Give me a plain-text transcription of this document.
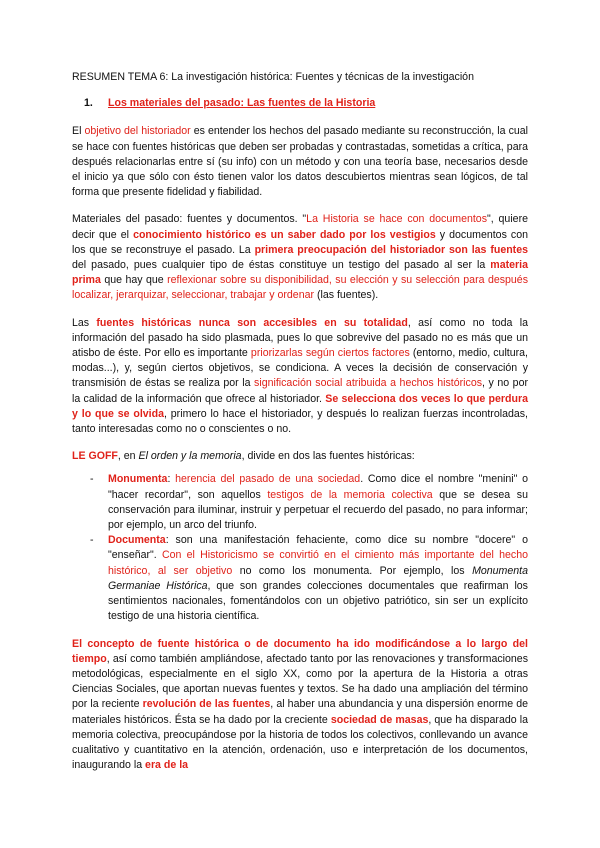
RESUMEN TEMA 6: La investigación histórica: Fuentes y técnicas de la investigación
1. Los materiales del pasado: Las fuentes de la Historia

El objetivo del historiador es entender los hechos del pasado mediante su reconstrucción, la cual se hace con fuentes históricas que deben ser probadas y contrastadas, sometidas a crítica, para después relacionarlas entre sí (su info) con un método y con una teoría base, necesarios desde el inicio ya que sólo con ésto tienen valor los datos descubiertos mientras sean lógicos, de tal forma que presente fidelidad y fiabilidad.

Materiales del pasado: fuentes y documentos. "La Historia se hace con documentos", quiere decir que el conocimiento histórico es un saber dado por los vestigios y documentos con los que se reconstruye el pasado. La primera preocupación del historiador son las fuentes del pasado, pues cualquier tipo de éstas constituye un testigo del pasado al ser la materia prima que hay que reflexionar sobre su disponibilidad, su elección y su selección para después localizar, jerarquizar, seleccionar, trabajar y ordenar (las fuentes).

Las fuentes históricas nunca son accesibles en su totalidad, así como no toda la información del pasado ha sido plasmada, pues lo que sobrevive del pasado no es más que un atisbo de éste. Por ello es importante priorizarlas según ciertos factores (entorno, medio, cultura, modas...), y, según ciertos objetivos, se condiciona. A veces la decisión de conservación y transmisión de éstas se realiza por la significación social atribuida a hechos históricos, y no por la calidad de la información que ofrece al historiador. Se selecciona dos veces lo que perdura y lo que se olvida, primero lo hace el historiador, y después lo realizan fuerzas incontroladas, tanto interesadas como no o conscientes o no.

LE GOFF, en El orden y la memoria, divide en dos las fuentes históricas:

- Monumenta: herencia del pasado de una sociedad. Como dice el nombre "menini" o "hacer recordar", son aquellos testigos de la memoria colectiva que se desea su conservación para iluminar, instruir y perpetuar el recuerdo del pasado, no para informar; por ejemplo, un arco del triunfo.
- Documenta: son una manifestación fehaciente, como dice su nombre "docere" o "enseñar". Con el Historicismo se convirtió en el cimiento más importante del hecho histórico, al ser objetivo no como los monumenta. Por ejemplo, los Monumenta Germaniae Histórica, que son grandes colecciones documentales que reafirman los sentimientos nacionales, fomentándolos con un objetivo patriótico, sin ser un explícito testigo de una historia científica.

El concepto de fuente histórica o de documento ha ido modificándose a lo largo del tiempo, así como también ampliándose, afectado tanto por las renovaciones y transformaciones metodológicas, especialmente en el siglo XX, como por la apertura de la Historia a otras Ciencias Sociales, que aportan nuevas fuentes y textos. Se ha dado una ampliación del término por la reciente revolución de las fuentes, al haber una abundancia y una dispersión enorme de materiales históricos. Ésta se ha dado por la creciente sociedad de masas, que ha disparado la memoria colectiva, preocupándose por la historia de todos los colectivos, conllevando un avance cualitativo y cuantitativo en la atención, ordenación, uso e interpretación de los documentos, inaugurando la era de la
